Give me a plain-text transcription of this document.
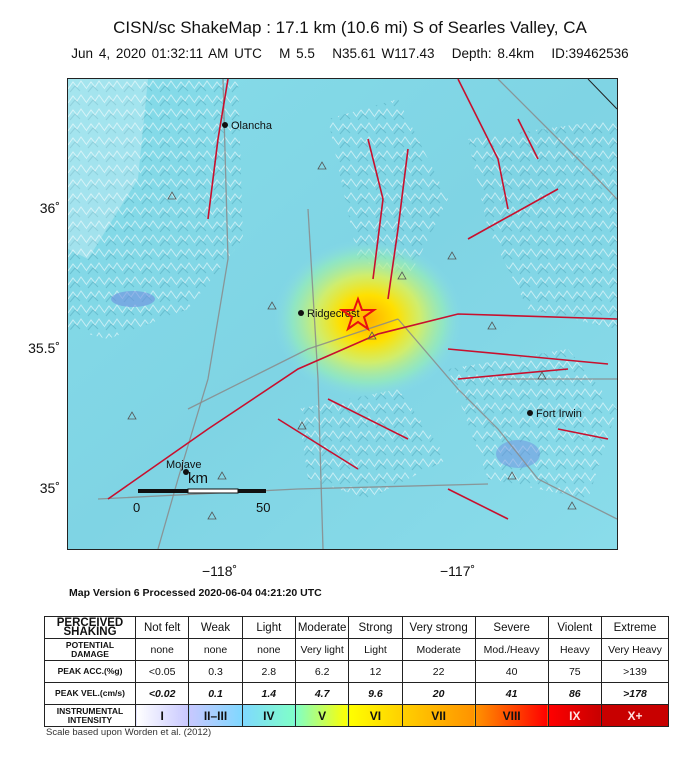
CISN/sc ShakeMap : 17.1 km (10.6 mi) S of Searles Valley, CA
Jun 4, 2020 01:32:11 AM UTC M 5.5 N35.61 W117.43 Depth: 8.4km ID:39462536
Olancha
Ridgecrest
Fort Irwin
Mojave
km
0	50
36˚
35.5˚
35˚
−118˚	−117˚
Map Version 6 Processed 2020-06-04 04:21:20 UTC
PERCEIVED SHAKING	Not felt	Weak	Light	Moderate	Strong	Very strong	Severe	Violent	Extreme
POTENTIAL DAMAGE	none	none	none	Very light	Light	Moderate	Mod./Heavy	Heavy	Very Heavy
PEAK ACC.(%g)	<0.05	0.3	2.8	6.2	12	22	40	75	>139
PEAK VEL.(cm/s)	<0.02	0.1	1.4	4.7	9.6	20	41	86	>178
INSTRUMENTAL INTENSITY	I	II–III	IV	V	VI	VII	VIII	IX	X+
Scale based upon Worden et al. (2012)
